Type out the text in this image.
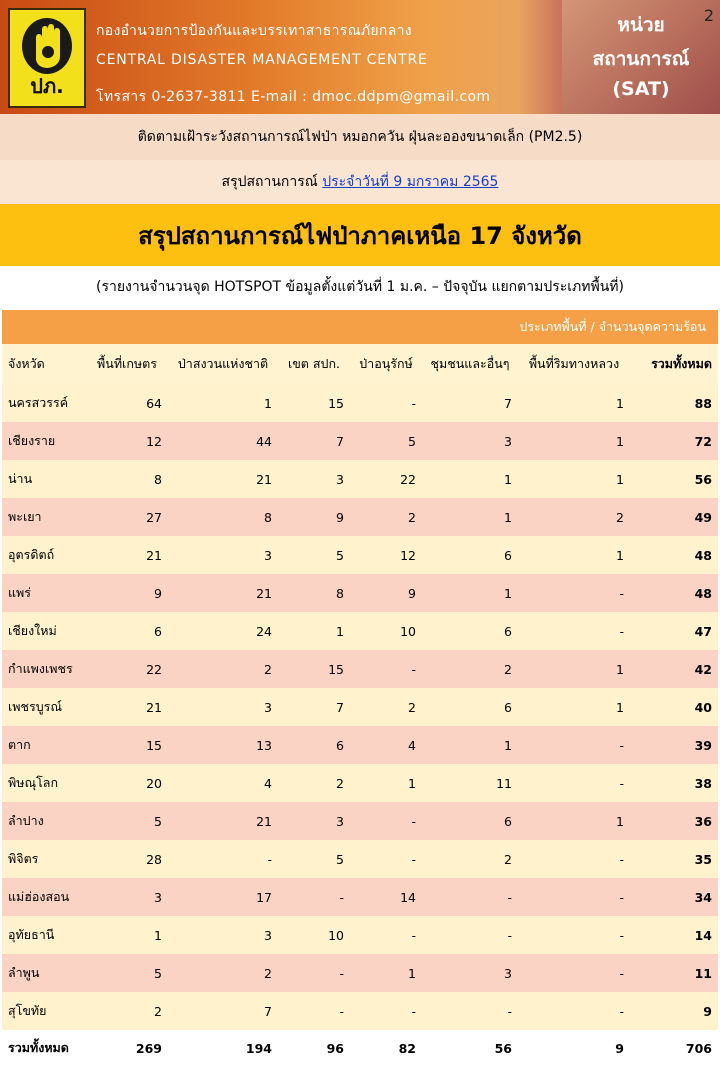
ปภ.
กองอำนวยการป้องกันและบรรเทาสาธารณภัยกลาง
CENTRAL DISASTER MANAGEMENT CENTRE
โทรสาร 0-2637-3811 E-mail : dmoc.ddpm@gmail.com
หน่วย
สถานการณ์
(SAT)
2
ติดตามเฝ้าระวังสถานการณ์ไฟป่า หมอกควัน ฝุ่นละอองขนาดเล็ก (PM2.5)
สรุปสถานการณ์ ประจำวันที่ 9 มกราคม 2565
สรุปสถานการณ์ไฟป่าภาคเหนือ 17 จังหวัด
(รายงานจำนวนจุด HOTSPOT ข้อมูลตั้งแต่วันที่ 1 ม.ค. – ปัจจุบัน แยกตามประเภทพื้นที่)
ประเภทพื้นที่ / จำนวนจุดความร้อน
จังหวัด	พื้นที่เกษตร	ป่าสงวนแห่งชาติ	เขต สปก.	ป่าอนุรักษ์	ชุมชนและอื่นๆ	พื้นที่ริมทางหลวง	รวมทั้งหมด
นครสวรรค์	64	1	15	-	7	1	88
เชียงราย	12	44	7	5	3	1	72
น่าน	8	21	3	22	1	1	56
พะเยา	27	8	9	2	1	2	49
อุตรดิตถ์	21	3	5	12	6	1	48
แพร่	9	21	8	9	1	-	48
เชียงใหม่	6	24	1	10	6	-	47
กำแพงเพชร	22	2	15	-	2	1	42
เพชรบูรณ์	21	3	7	2	6	1	40
ตาก	15	13	6	4	1	-	39
พิษณุโลก	20	4	2	1	11	-	38
ลำปาง	5	21	3	-	6	1	36
พิจิตร	28	-	5	-	2	-	35
แม่ฮ่องสอน	3	17	-	14	-	-	34
อุทัยธานี	1	3	10	-	-	-	14
ลำพูน	5	2	-	1	3	-	11
สุโขทัย	2	7	-	-	-	-	9
รวมทั้งหมด	269	194	96	82	56	9	706
